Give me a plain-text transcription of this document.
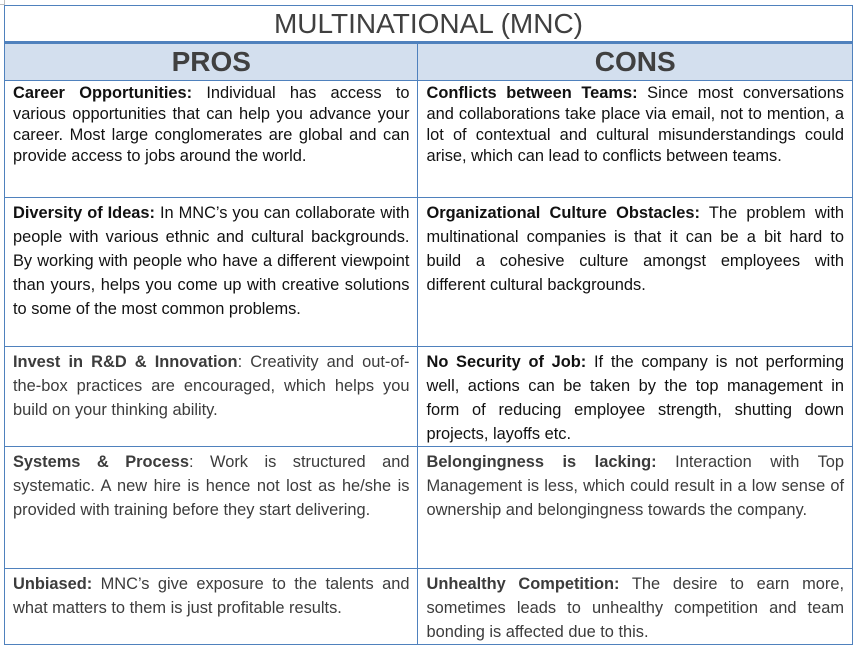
MULTINATIONAL (MNC)	
PROS	CONS
Career Opportunities: Individual has access to various opportunities that can help you advance your career. Most large conglomerates are global and can provide access to jobs around the world.	Conflicts between Teams: Since most conversations and collaborations take place via email, not to mention, a lot of contextual and cultural misunderstandings could arise, which can lead to conflicts between teams.
Diversity of Ideas: In MNC’s you can collaborate with people with various ethnic and cultural backgrounds. By working with people who have a different viewpoint than yours, helps you come up with creative solutions to some of the most common problems.	Organizational Culture Obstacles: The problem with multinational companies is that it can be a bit hard to build a cohesive culture amongst employees with different cultural backgrounds.
Invest in R&D & Innovation: Creativity and out-of-the-box practices are encouraged, which helps you build on your thinking ability.	No Security of Job: If the company is not performing well, actions can be taken by the top management in form of reducing employee strength, shutting down projects, layoffs etc.
Systems & Process: Work is structured and systematic. A new hire is hence not lost as he/she is provided with training before they start delivering.	Belongingness is lacking: Interaction with Top Management is less, which could result in a low sense of ownership and belongingness towards the company.
Unbiased: MNC’s give exposure to the talents and what matters to them is just profitable results.	Unhealthy Competition: The desire to earn more, sometimes leads to unhealthy competition and team bonding is affected due to this.
